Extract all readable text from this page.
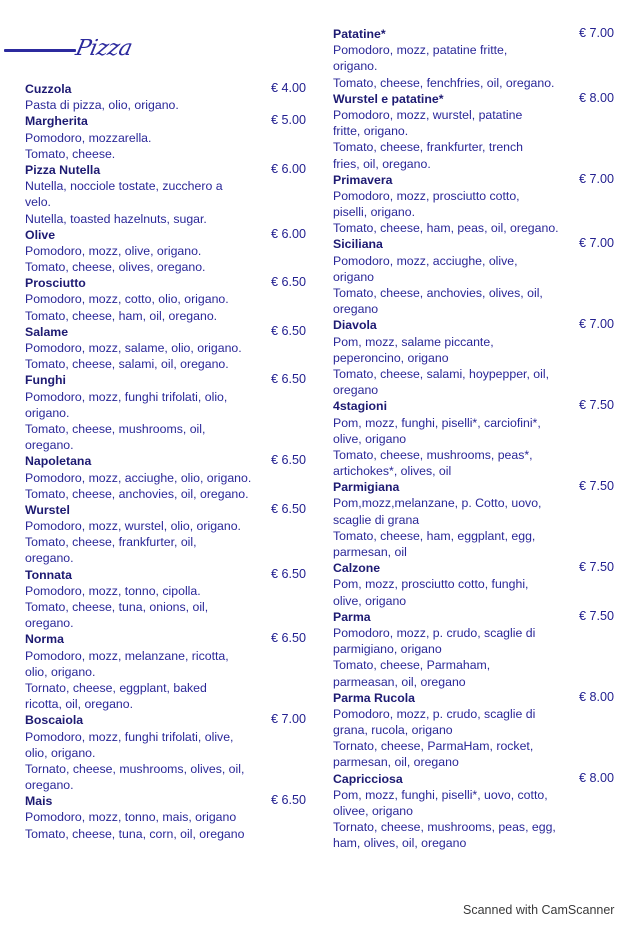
Pizza
Cuzzola	€ 4.00
Pasta di pizza, olio, origano.
Margherita	€ 5.00
Pomodoro, mozzarella.
Tomato, cheese.
Pizza Nutella	€ 6.00
Nutella, nocciole tostate, zucchero a
velo.
Nutella, toasted hazelnuts, sugar.
Olive	€ 6.00
Pomodoro, mozz, olive, origano.
Tomato, cheese, olives, oregano.
Prosciutto	€ 6.50
Pomodoro, mozz, cotto, olio, origano.
Tomato, cheese, ham, oil, oregano.
Salame	€ 6.50
Pomodoro, mozz, salame, olio, origano.
Tomato, cheese, salami, oil, oregano.
Funghi	€ 6.50
Pomodoro, mozz, funghi trifolati, olio,
origano.
Tomato, cheese, mushrooms, oil,
oregano.
Napoletana	€ 6.50
Pomodoro, mozz, acciughe, olio, origano.
Tomato, cheese, anchovies, oil, oregano.
Wurstel	€ 6.50
Pomodoro, mozz, wurstel, olio, origano.
Tomato, cheese, frankfurter, oil,
oregano.
Tonnata	€ 6.50
Pomodoro, mozz, tonno, cipolla.
Tomato, cheese, tuna, onions, oil,
oregano.
Norma	€ 6.50
Pomodoro, mozz, melanzane, ricotta,
olio, origano.
Tornato, cheese, eggplant, baked
ricotta, oil, oregano.
Boscaiola	€ 7.00
Pomodoro, mozz, funghi trifolati, olive,
olio, origano.
Tornato, cheese, mushrooms, olives, oil,
oregano.
Mais	€ 6.50
Pomodoro, mozz, tonno, mais, origano
Tomato, cheese, tuna, corn, oil, oregano
Patatine*	€ 7.00
Pomodoro, mozz, patatine fritte,
origano.
Tomato, cheese, fenchfries, oil, oregano.
Wurstel e patatine*	€ 8.00
Pomodoro, mozz, wurstel, patatine
fritte, origano.
Tomato, cheese, frankfurter, trench
fries, oil, oregano.
Primavera	€ 7.00
Pomodoro, mozz, prosciutto cotto,
piselli, origano.
Tomato, cheese, ham, peas, oil, oregano.
Siciliana	€ 7.00
Pomodoro, mozz, acciughe, olive,
origano
Tomato, cheese, anchovies, olives, oil,
oregano
Diavola	€ 7.00
Pom, mozz, salame piccante,
peperoncino, origano
Tomato, cheese, salami, hoypepper, oil,
oregano
4stagioni	€ 7.50
Pom, mozz, funghi, piselli*, carciofini*,
olive, origano
Tomato, cheese, mushrooms, peas*,
artichokes*, olives, oil
Parmigiana	€ 7.50
Pom,mozz,melanzane, p. Cotto, uovo,
scaglie di grana
Tomato, cheese, ham, eggplant, egg,
parmesan, oil
Calzone	€ 7.50
Pom, mozz, prosciutto cotto, funghi,
olive, origano
Parma	€ 7.50
Pomodoro, mozz, p. crudo, scaglie di
parmigiano, origano
Tomato, cheese, Parmaham,
parmeasan, oil, oregano
Parma Rucola	€ 8.00
Pomodoro, mozz, p. crudo, scaglie di
grana, rucola, origano
Tornato, cheese, ParmaHam, rocket,
parmesan, oil, oregano
Capricciosa	€ 8.00
Pom, mozz, funghi, piselli*, uovo, cotto,
olivee, origano
Tornato, cheese, mushrooms, peas, egg,
ham, olives, oil, oregano
Scanned with CamScanner
